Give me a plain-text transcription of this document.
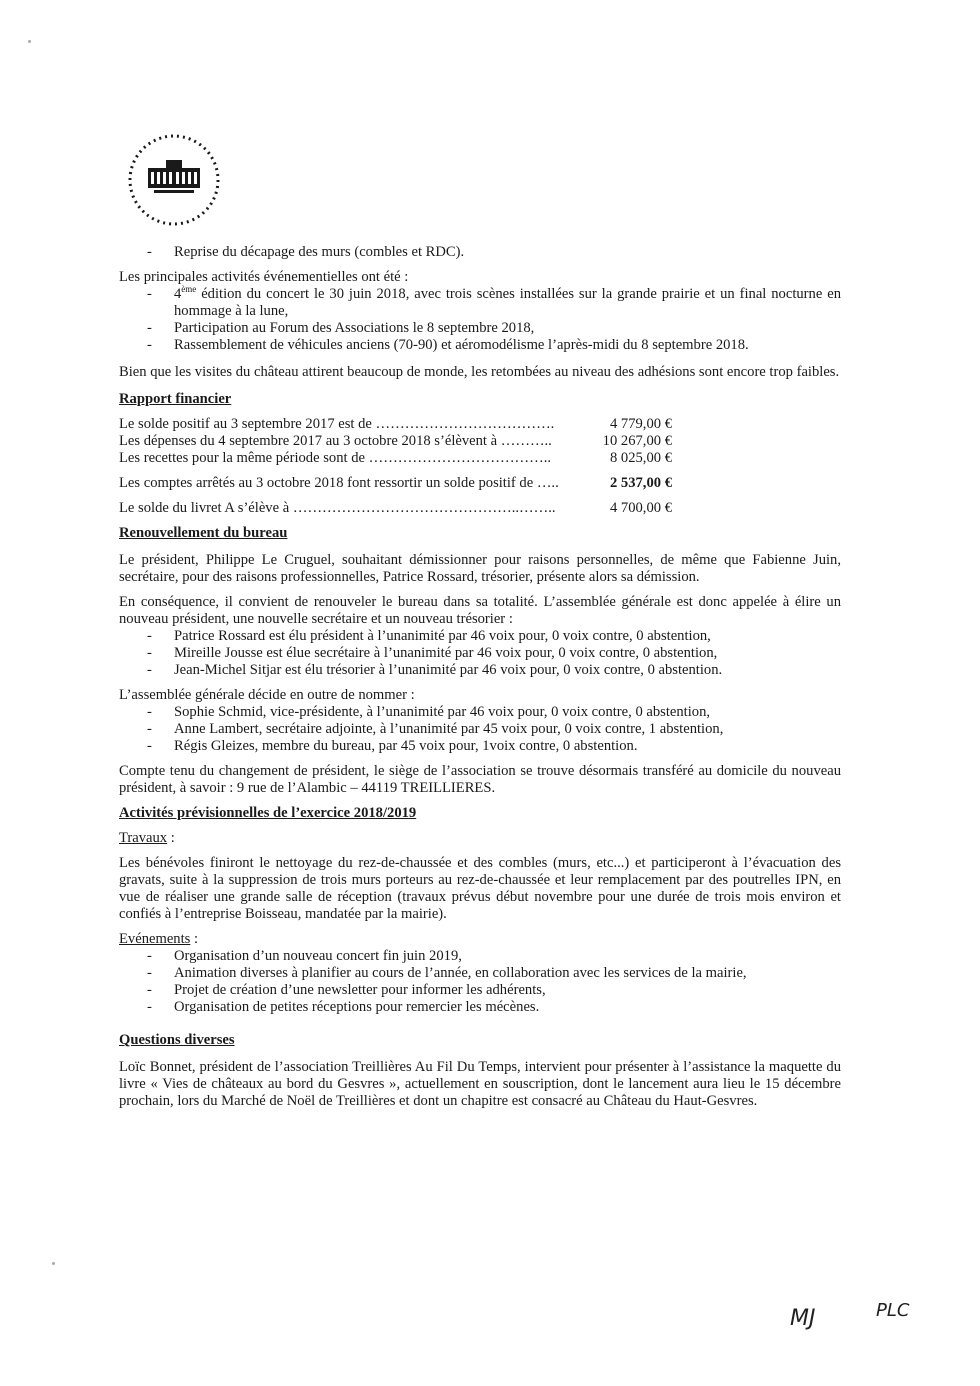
- Reprise du décapage des murs (combles et RDC).

Les principales activités événementielles ont été :

- 4ème édition du concert le 30 juin 2018, avec trois scènes installées sur la grande prairie et un final nocturne en hommage à la lune,
- Participation au Forum des Associations le 8 septembre 2018,
- Rassemblement de véhicules anciens (70-90) et aéromodélisme l’après-midi du 8 septembre 2018.

Bien que les visites du château attirent beaucoup de monde, les retombées au niveau des adhésions sont encore trop faibles.

Rapport financier

Le solde positif au 3 septembre 2017 est de ……………………………….	4 779,00 €
Les dépenses du 4 septembre 2017 au 3 octobre 2018 s’élèvent à ………..	10 267,00 €
Les recettes pour la même période sont de ………………………………..	8 025,00 €
Les comptes arrêtés au 3 octobre 2018 font ressortir un solde positif de …..	2 537,00 €
Le solde du livret A s’élève à ………………………………………..……..	4 700,00 €

Renouvellement du bureau

Le président, Philippe Le Cruguel, souhaitant démissionner pour raisons personnelles, de même que Fabienne Juin, secrétaire, pour des raisons professionnelles, Patrice Rossard, trésorier, présente alors sa démission.

En conséquence, il convient de renouveler le bureau dans sa totalité. L’assemblée générale est donc appelée à élire un nouveau président, une nouvelle secrétaire et un nouveau trésorier :

- Patrice Rossard est élu président à l’unanimité par 46 voix pour, 0 voix contre, 0 abstention,
- Mireille Jousse est élue secrétaire à l’unanimité par 46 voix pour, 0 voix contre, 0 abstention,
- Jean-Michel Sitjar est élu trésorier à l’unanimité par 46 voix pour, 0 voix contre, 0 abstention.

L’assemblée générale décide en outre de nommer :

- Sophie Schmid, vice-présidente, à l’unanimité par 46 voix pour, 0 voix contre, 0 abstention,
- Anne Lambert, secrétaire adjointe, à l’unanimité par 45 voix pour, 0 voix contre, 1 abstention,
- Régis Gleizes, membre du bureau, par 45 voix pour, 1voix contre, 0 abstention.

Compte tenu du changement de président, le siège de l’association se trouve désormais transféré au domicile du nouveau président, à savoir : 9 rue de l’Alambic – 44119 TREILLIERES.

Activités prévisionnelles de l’exercice 2018/2019

Travaux :

Les bénévoles finiront le nettoyage du rez-de-chaussée et des combles (murs, etc...) et participeront à l’évacuation des gravats, suite à la suppression de trois murs porteurs au rez-de-chaussée et leur remplacement par des poutrelles IPN, en vue de réaliser une grande salle de réception (travaux prévus début novembre pour une durée de trois mois environ et confiés à l’entreprise Boisseau, mandatée par la mairie).

Evénements :

- Organisation d’un nouveau concert fin juin 2019,
- Animation diverses à planifier au cours de l’année, en collaboration avec les services de la mairie,
- Projet de création d’une newsletter pour informer les adhérents,
- Organisation de petites réceptions pour remercier les mécènes.

Questions diverses

Loïc Bonnet, président de l’association Treillières Au Fil Du Temps, intervient pour présenter à l’assistance la maquette du livre « Vies de châteaux au bord du Gesvres », actuellement en souscription, dont le lancement aura lieu le 15 décembre prochain, lors du Marché de Noël de Treillières et dont un chapitre est consacré au Château du Haut-Gesvres.

MJ	PLC
